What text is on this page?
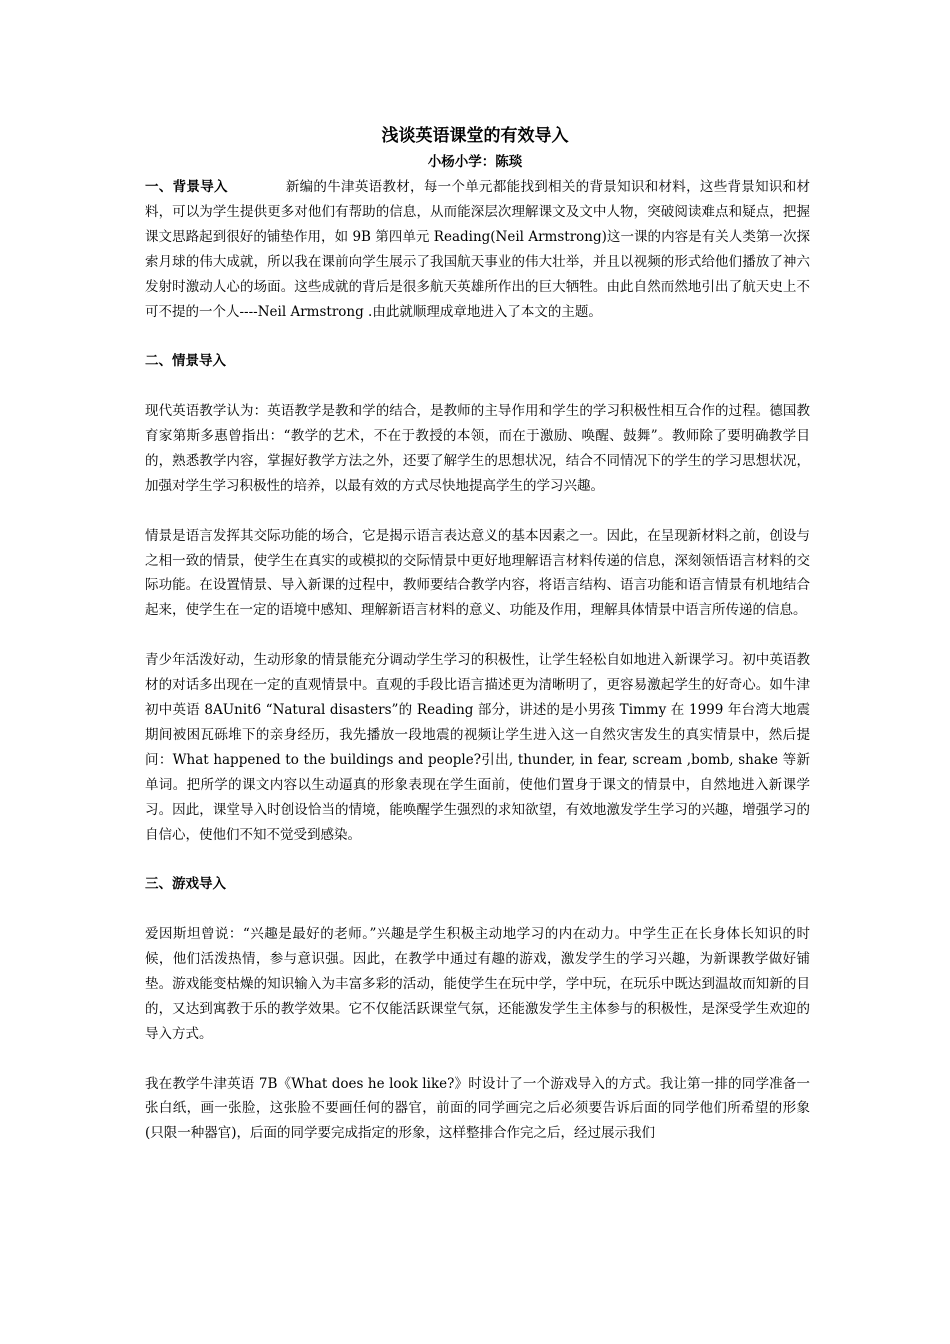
浅谈英语课堂的有效导入
小杨小学：陈琰

一、背景导入	新编的牛津英语教材，每一个单元都能找到相关的背景知识和材料，这些背景知识和材料，可以为学生提供更多对他们有帮助的信息，从而能深层次理解课文及文中人物，突破阅读难点和疑点，把握课文思路起到很好的铺垫作用，如 9B 第四单元 Reading(Neil Armstrong)这一课的内容是有关人类第一次探索月球的伟大成就，所以我在课前向学生展示了我国航天事业的伟大壮举，并且以视频的形式给他们播放了神六发射时激动人心的场面。这些成就的背后是很多航天英雄所作出的巨大牺牲。由此自然而然地引出了航天史上不可不提的一个人----Neil Armstrong .由此就顺理成章地进入了本文的主题。

二、情景导入

现代英语教学认为：英语教学是教和学的结合，是教师的主导作用和学生的学习积极性相互合作的过程。德国教育家第斯多惠曾指出：“教学的艺术，不在于教授的本领，而在于激励、唤醒、鼓舞”。教师除了要明确教学目的，熟悉教学内容，掌握好教学方法之外，还要了解学生的思想状况，结合不同情况下的学生的学习思想状况，加强对学生学习积极性的培养，以最有效的方式尽快地提高学生的学习兴趣。

情景是语言发挥其交际功能的场合，它是揭示语言表达意义的基本因素之一。因此，在呈现新材料之前，创设与之相一致的情景，使学生在真实的或模拟的交际情景中更好地理解语言材料传递的信息，深刻领悟语言材料的交际功能。在设置情景、导入新课的过程中，教师要结合教学内容，将语言结构、语言功能和语言情景有机地结合起来，使学生在一定的语境中感知、理解新语言材料的意义、功能及作用，理解具体情景中语言所传递的信息。

青少年活泼好动，生动形象的情景能充分调动学生学习的积极性，让学生轻松自如地进入新课学习。初中英语教材的对话多出现在一定的直观情景中。直观的手段比语言描述更为清晰明了，更容易激起学生的好奇心。如牛津初中英语 8AUnit6 “Natural disasters”的 Reading 部分，讲述的是小男孩 Timmy 在 1999 年台湾大地震期间被困瓦砾堆下的亲身经历，我先播放一段地震的视频让学生进入这一自然灾害发生的真实情景中，然后提问：What happened to the buildings and people?引出, thunder, in fear, scream ,bomb, shake 等新单词。把所学的课文内容以生动逼真的形象表现在学生面前，使他们置身于课文的情景中，自然地进入新课学习。因此，课堂导入时创设恰当的情境，能唤醒学生强烈的求知欲望，有效地激发学生学习的兴趣，增强学习的自信心，使他们不知不觉受到感染。

三、游戏导入

爱因斯坦曾说：“兴趣是最好的老师。”兴趣是学生积极主动地学习的内在动力。中学生正在长身体长知识的时候，他们活泼热情，参与意识强。因此，在教学中通过有趣的游戏，激发学生的学习兴趣，为新课教学做好铺垫。游戏能变枯燥的知识输入为丰富多彩的活动，能使学生在玩中学，学中玩，在玩乐中既达到温故而知新的目的，又达到寓教于乐的教学效果。它不仅能活跃课堂气氛，还能激发学生主体参与的积极性，是深受学生欢迎的导入方式。

我在教学牛津英语 7B《What does he look like?》时设计了一个游戏导入的方式。我让第一排的同学准备一张白纸，画一张脸，这张脸不要画任何的器官，前面的同学画完之后必须要告诉后面的同学他们所希望的形象(只限一种器官)，后面的同学要完成指定的形象，这样整排合作完之后，经过展示我们
